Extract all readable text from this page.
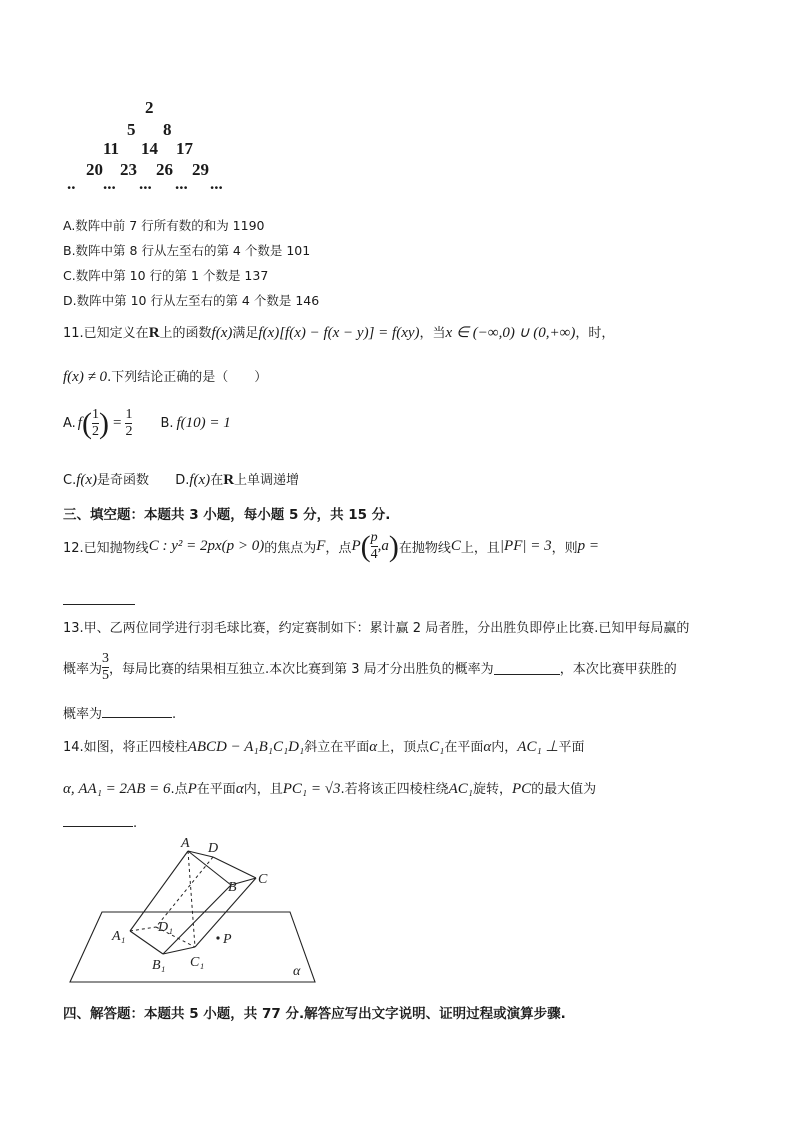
2
5 8
11 14 17
20 23 26 29
.. ... ... ... ...
A.数阵中前 7 行所有数的和为 1190
B.数阵中第 8 行从左至右的第 4 个数是 101
C.数阵中第 10 行的第 1 个数是 137
D.数阵中第 10 行从左至右的第 4 个数是 146
11.已知定义在R上的函数f(x)满足f(x)[f(x) − f(x − y)] = f(xy)，当x ∈ (−∞,0) ∪ (0,+∞)，时，
f(x) ≠ 0.下列结论正确的是（　　）
A. f ( $\frac{1}{2}$ ) = $\frac{1}{2} B$. f(10) = 1
C.f(x)是奇函数 D.f(x)在R上单调递增
三、填空题：本题共 3 小题，每小题 5 分，共 15 分.
12.已知抛物线 C : y² = 2px(p > 0) 的焦点为 F ，点 P ( $\frac{p}{4} ,a$ ) 在抛物线 C 上，且 |PF| = 3 ，则 p =
13.甲、乙两位同学进行羽毛球比赛，约定赛制如下：累计赢 2 局者胜，分出胜负即停止比赛.已知甲每局赢的
概率为 $\frac{3}{5}$ ，每局比赛的结果相互独立.本次比赛到第 3 局才分出胜负的概率为	，本次比赛甲获胜的
概率为	.
14.如图，将正四棱柱ABCD − A₁B₁C₁D₁斜立在平面α上，顶点C₁在平面α内，AC₁ ⊥平面
α, AA₁ = 2AB = 6.点P在平面α内，且PC₁ = √3.若将该正四棱柱绕AC₁旋转，PC的最大值为
.
A D
C
B
A₁
D₁
B₁ C₁
P
α
四、解答题：本题共 5 小题，共 77 分.解答应写出文字说明、证明过程或演算步骤.
